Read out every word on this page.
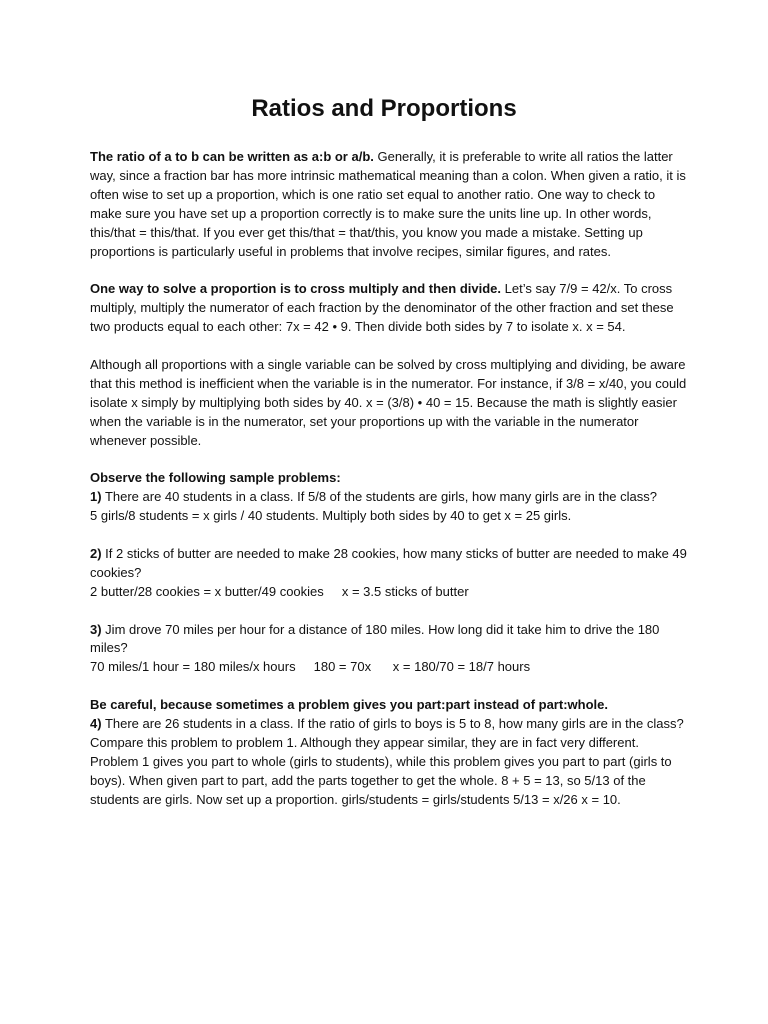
Ratios and Proportions

The ratio of a to b can be written as a:b or a/b. Generally, it is preferable to write all ratios the latter way, since a fraction bar has more intrinsic mathematical meaning than a colon. When given a ratio, it is often wise to set up a proportion, which is one ratio set equal to another ratio. One way to check to make sure you have set up a proportion correctly is to make sure the units line up. In other words, this/that = this/that. If you ever get this/that = that/this, you know you made a mistake. Setting up proportions is particularly useful in problems that involve recipes, similar figures, and rates.

One way to solve a proportion is to cross multiply and then divide. Let’s say 7/9 = 42/x. To cross multiply, multiply the numerator of each fraction by the denominator of the other fraction and set these two products equal to each other: 7x = 42 • 9. Then divide both sides by 7 to isolate x. x = 54.

Although all proportions with a single variable can be solved by cross multiplying and dividing, be aware that this method is inefficient when the variable is in the numerator. For instance, if 3/8 = x/40, you could isolate x simply by multiplying both sides by 40. x = (3/8) • 40 = 15. Because the math is slightly easier when the variable is in the numerator, set your proportions up with the variable in the numerator whenever possible.

Observe the following sample problems:
1) There are 40 students in a class. If 5/8 of the students are girls, how many girls are in the class?
5 girls/8 students = x girls / 40 students. Multiply both sides by 40 to get x = 25 girls.
2) If 2 sticks of butter are needed to make 28 cookies, how many sticks of butter are needed to make 49 cookies?
2 butter/28 cookies = x butter/49 cookies     x = 3.5 sticks of butter
3) Jim drove 70 miles per hour for a distance of 180 miles. How long did it take him to drive the 180 miles?
70 miles/1 hour = 180 miles/x hours     180 = 70x      x = 180/70 = 18/7 hours
Be careful, because sometimes a problem gives you part:part instead of part:whole.
4) There are 26 students in a class. If the ratio of girls to boys is 5 to 8, how many girls are in the class?
Compare this problem to problem 1. Although they appear similar, they are in fact very different. Problem 1 gives you part to whole (girls to students), while this problem gives you part to part (girls to boys). When given part to part, add the parts together to get the whole. 8 + 5 = 13, so 5/13 of the students are girls. Now set up a proportion. girls/students = girls/students 5/13 = x/26 x = 10.
